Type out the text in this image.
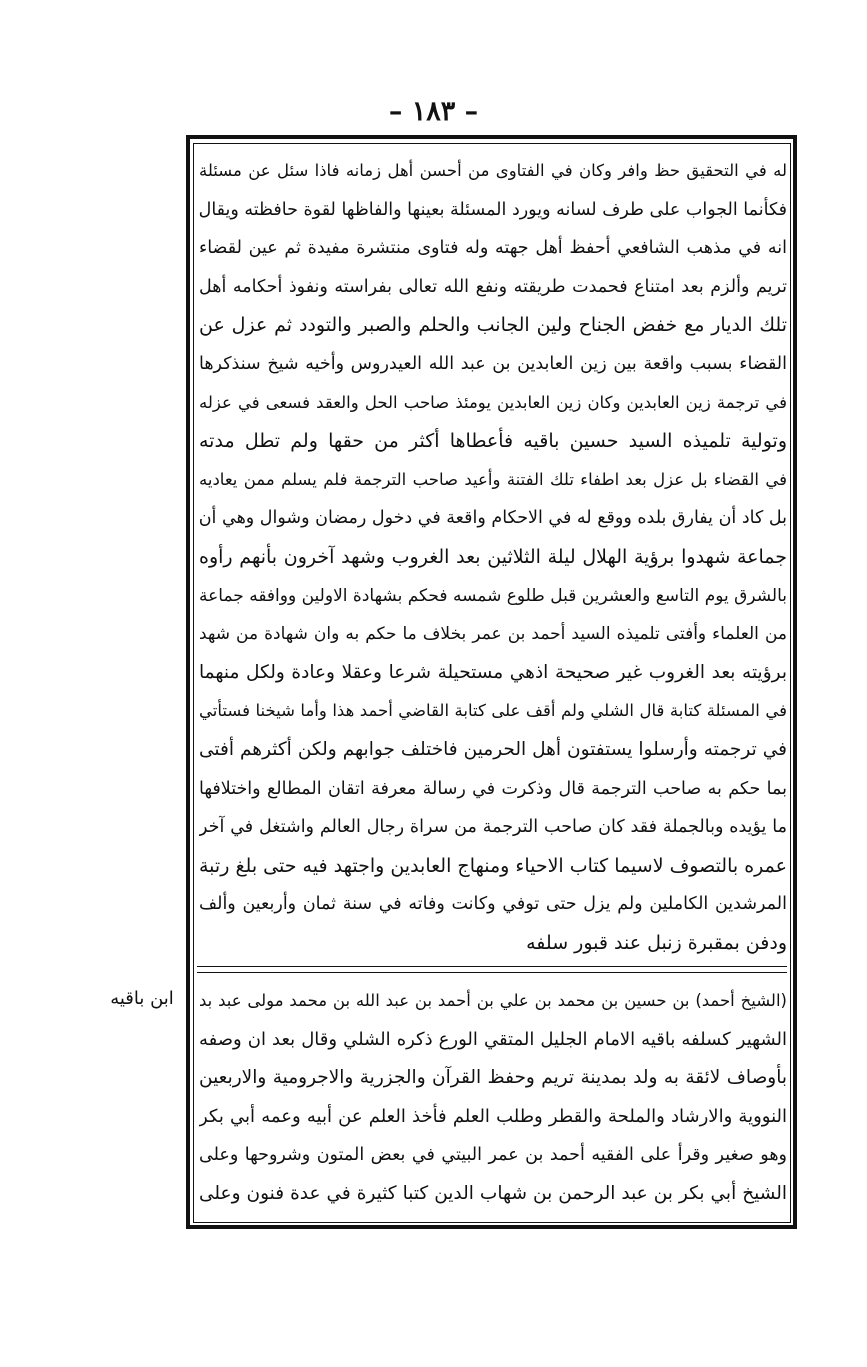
– ١٨٣ –
له في التحقيق حظ وافر وكان في الفتاوى من أحسن أهل زمانه فاذا سئل عن مسئلة
فكأنما الجواب على طرف لسانه ويورد المسئلة بعينها والفاظها لقوة حافظته ويقال
انه في مذهب الشافعي أحفظ أهل جهته وله فتاوى منتشرة مفيدة ثم عين لقضاء
تريم وألزم بعد امتناع فحمدت طريقته ونفع الله تعالى بفراسته ونفوذ أحكامه أهل
تلك الديار مع خفض الجناح ولين الجانب والحلم والصبر والتودد ثم عزل عن
القضاء بسبب واقعة بين زين العابدين بن عبد الله العيدروس وأخيه شيخ سنذكرها
في ترجمة زين العابدين وكان زين العابدين يومئذ صاحب الحل والعقد فسعى في عزله
وتولية تلميذه السيد حسين باقيه فأعطاها أكثر من حقها ولم تطل مدته
في القضاء بل عزل بعد اطفاء تلك الفتنة وأعيد صاحب الترجمة فلم يسلم ممن يعاديه
بل كاد أن يفارق بلده ووقع له في الاحكام واقعة في دخول رمضان وشوال وهي أن
جماعة شهدوا برؤية الهلال ليلة الثلاثين بعد الغروب وشهد آخرون بأنهم رأوه
بالشرق يوم التاسع والعشرين قبل طلوع شمسه فحكم بشهادة الاولين ووافقه جماعة
من العلماء وأفتى تلميذه السيد أحمد بن عمر بخلاف ما حكم به وان شهادة من شهد
برؤيته بعد الغروب غير صحيحة اذهي مستحيلة شرعا وعقلا وعادة ولكل منهما
في المسئلة كتابة قال الشلي ولم أقف على كتابة القاضي أحمد هذا وأما شيخنا فستأتي
في ترجمته وأرسلوا يستفتون أهل الحرمين فاختلف جوابهم ولكن أكثرهم أفتى
بما حكم به صاحب الترجمة قال وذكرت في رسالة معرفة اتقان المطالع واختلافها
ما يؤيده وبالجملة فقد كان صاحب الترجمة من سراة رجال العالم واشتغل في آخر
عمره بالتصوف لاسيما كتاب الاحياء ومنهاج العابدين واجتهد فيه حتى بلغ رتبة
المرشدين الكاملين ولم يزل حتى توفي وكانت وفاته في سنة ثمان وأربعين وألف
ودفن بمقبرة زنبل عند قبور سلفه
ابن باقيه	(الشيخ أحمد) بن حسين بن محمد بن علي بن أحمد بن عبد الله بن محمد مولى عبد بد
الشهير كسلفه باقيه الامام الجليل المتقي الورع ذكره الشلي وقال بعد ان وصفه
بأوصاف لائقة به ولد بمدينة تريم وحفظ القرآن والجزرية والاجرومية والاربعين
النووية والارشاد والملحة والقطر وطلب العلم فأخذ العلم عن أبيه وعمه أبي بكر
وهو صغير وقرأ على الفقيه أحمد بن عمر البيتي في بعض المتون وشروحها وعلى
الشيخ أبي بكر بن عبد الرحمن بن شهاب الدين كتبا كثيرة في عدة فنون وعلى
